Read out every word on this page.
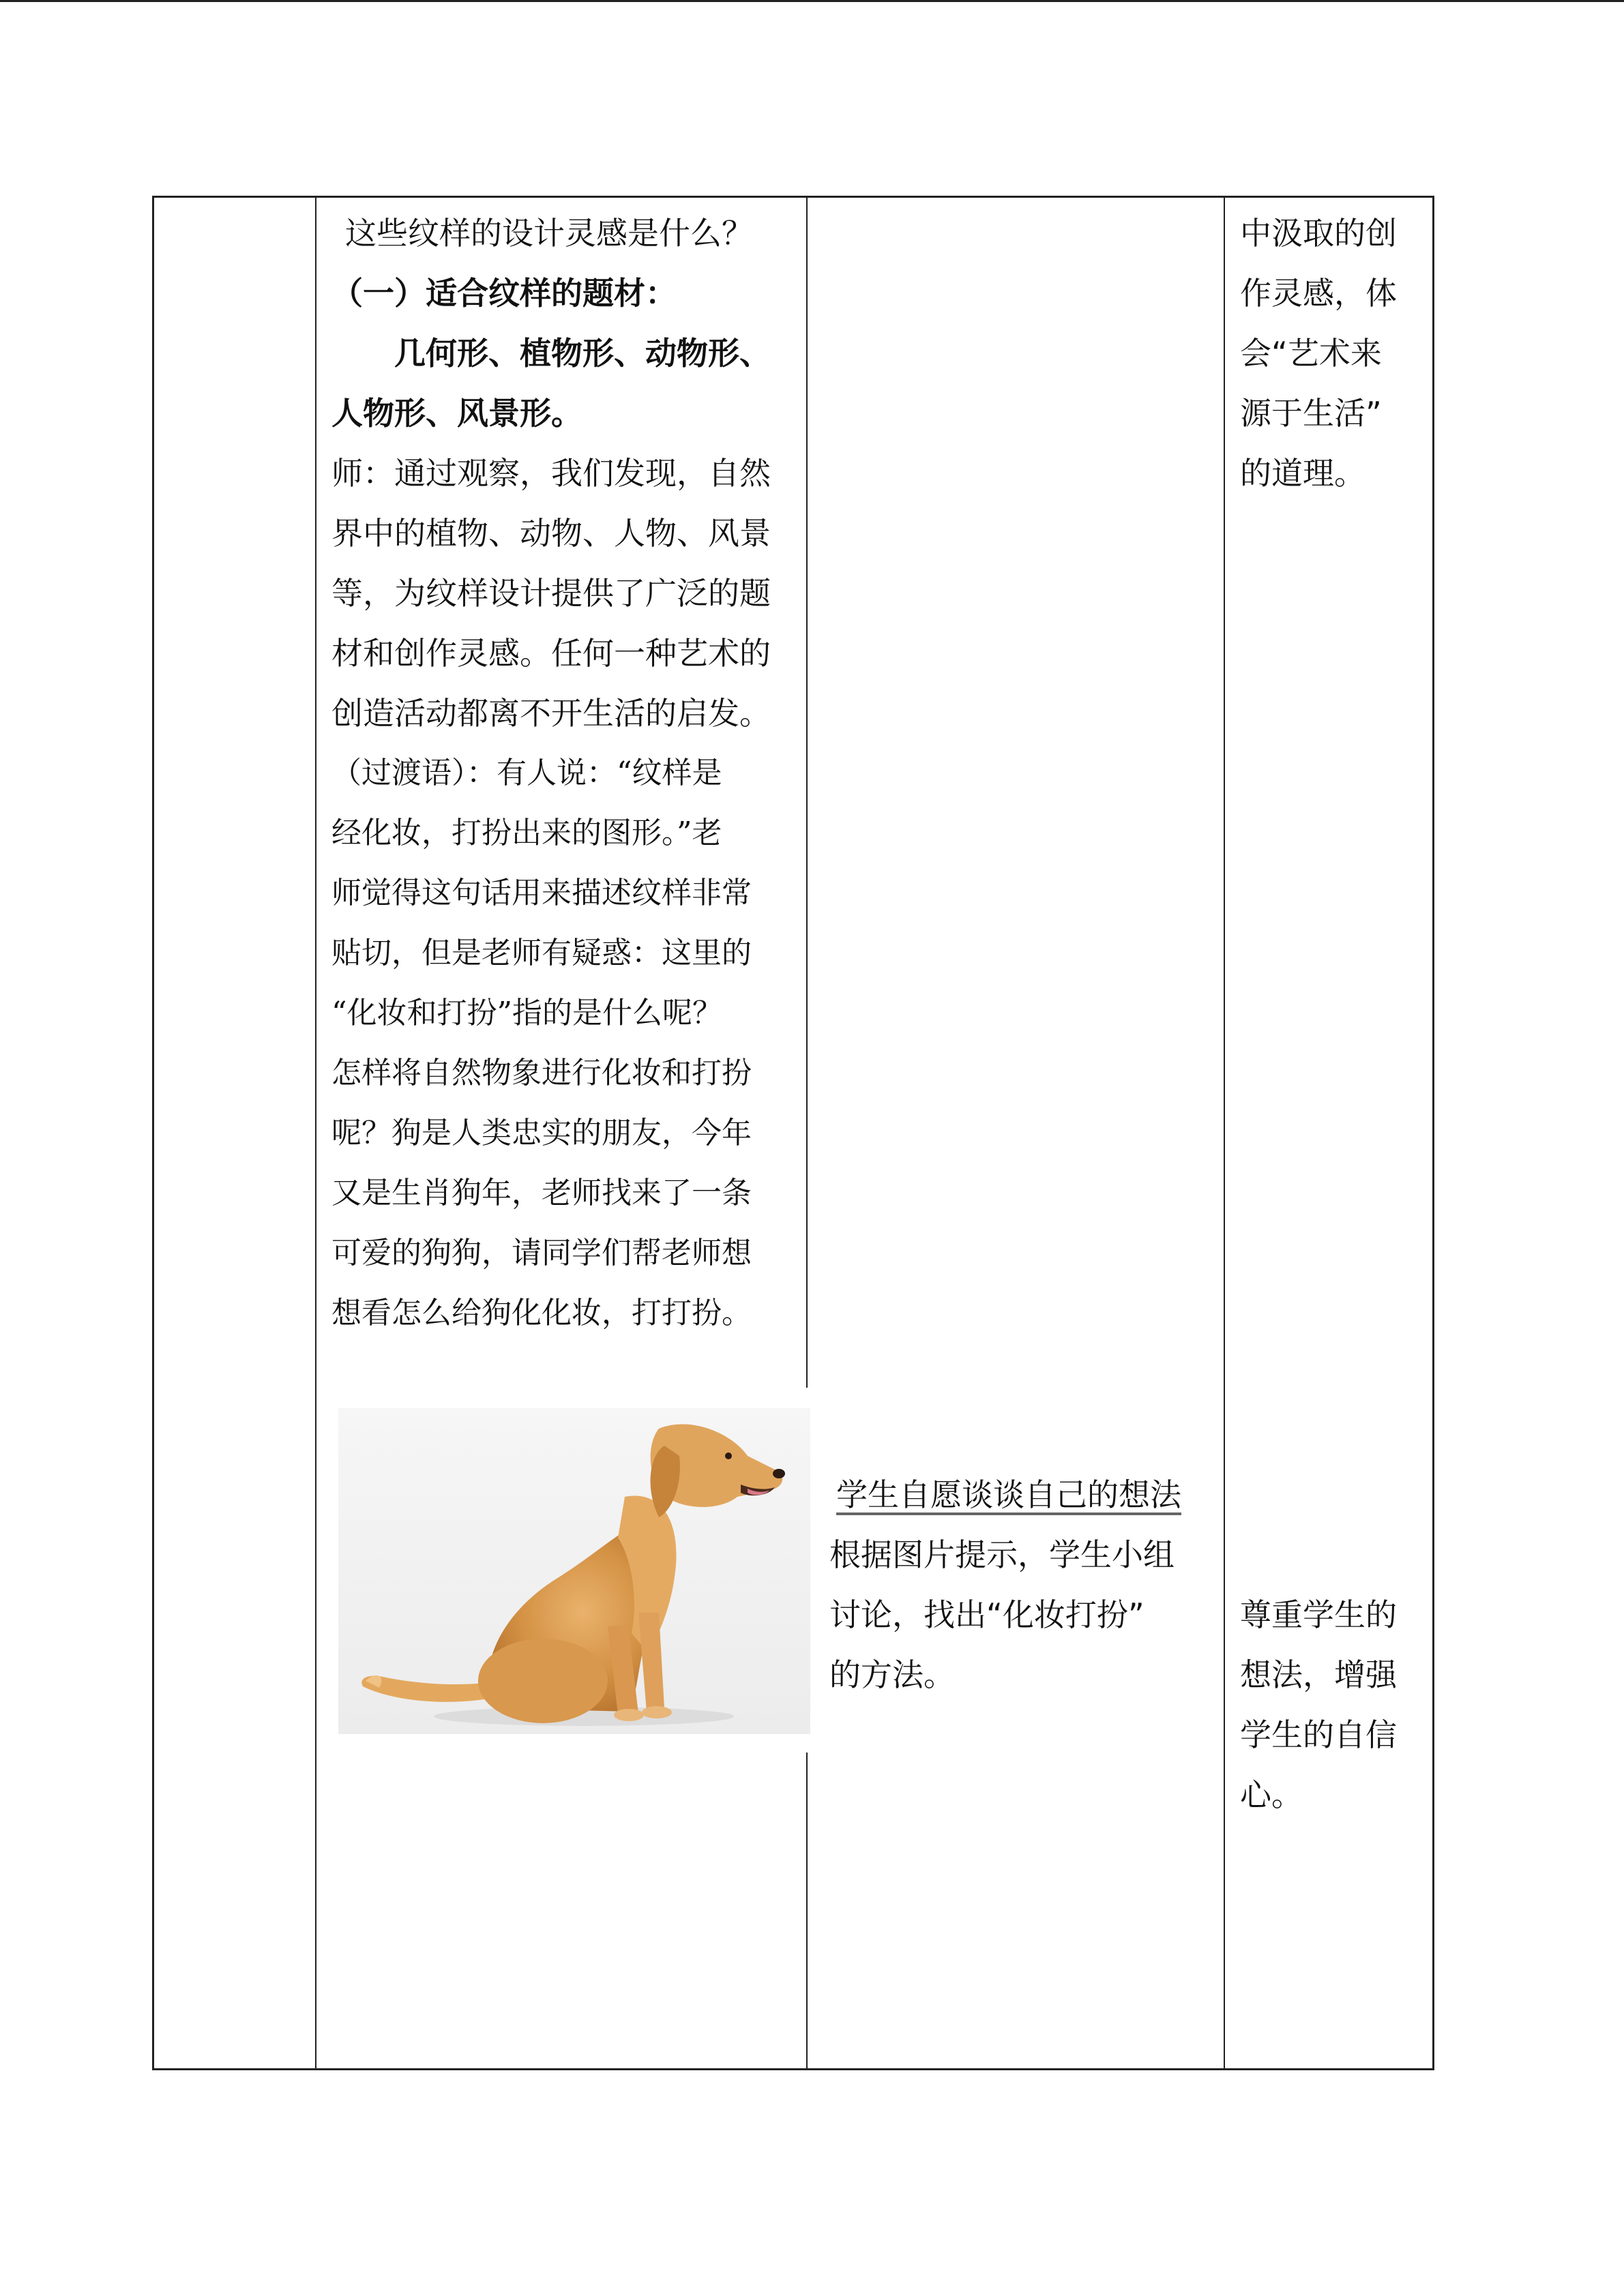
这些纹样的设计灵感是什么？
（一）适合纹样的题材：
　　几何形、植物形、动物形、
人物形、风景形。
师：通过观察，我们发现，自然
界中的植物、动物、人物、风景
等，为纹样设计提供了广泛的题
材和创作灵感。任何一种艺术的
创造活动都离不开生活的启发。
（过渡语）：有人说：“纹样是
经化妆，打扮出来的图形。”老
师觉得这句话用来描述纹样非常
贴切，但是老师有疑惑：这里的
“化妆和打扮”指的是什么呢？
怎样将自然物象进行化妆和打扮
呢？狗是人类忠实的朋友，今年
又是生肖狗年，老师找来了一条
可爱的狗狗，请同学们帮老师想
想看怎么给狗化化妆，打打扮。
学生自愿谈谈自己的想法
根据图片提示，学生小组
讨论，找出“化妆打扮”
的方法。
中汲取的创
作灵感，体
会“艺术来
源于生活”
的道理。
尊重学生的
想法，增强
学生的自信
心。
